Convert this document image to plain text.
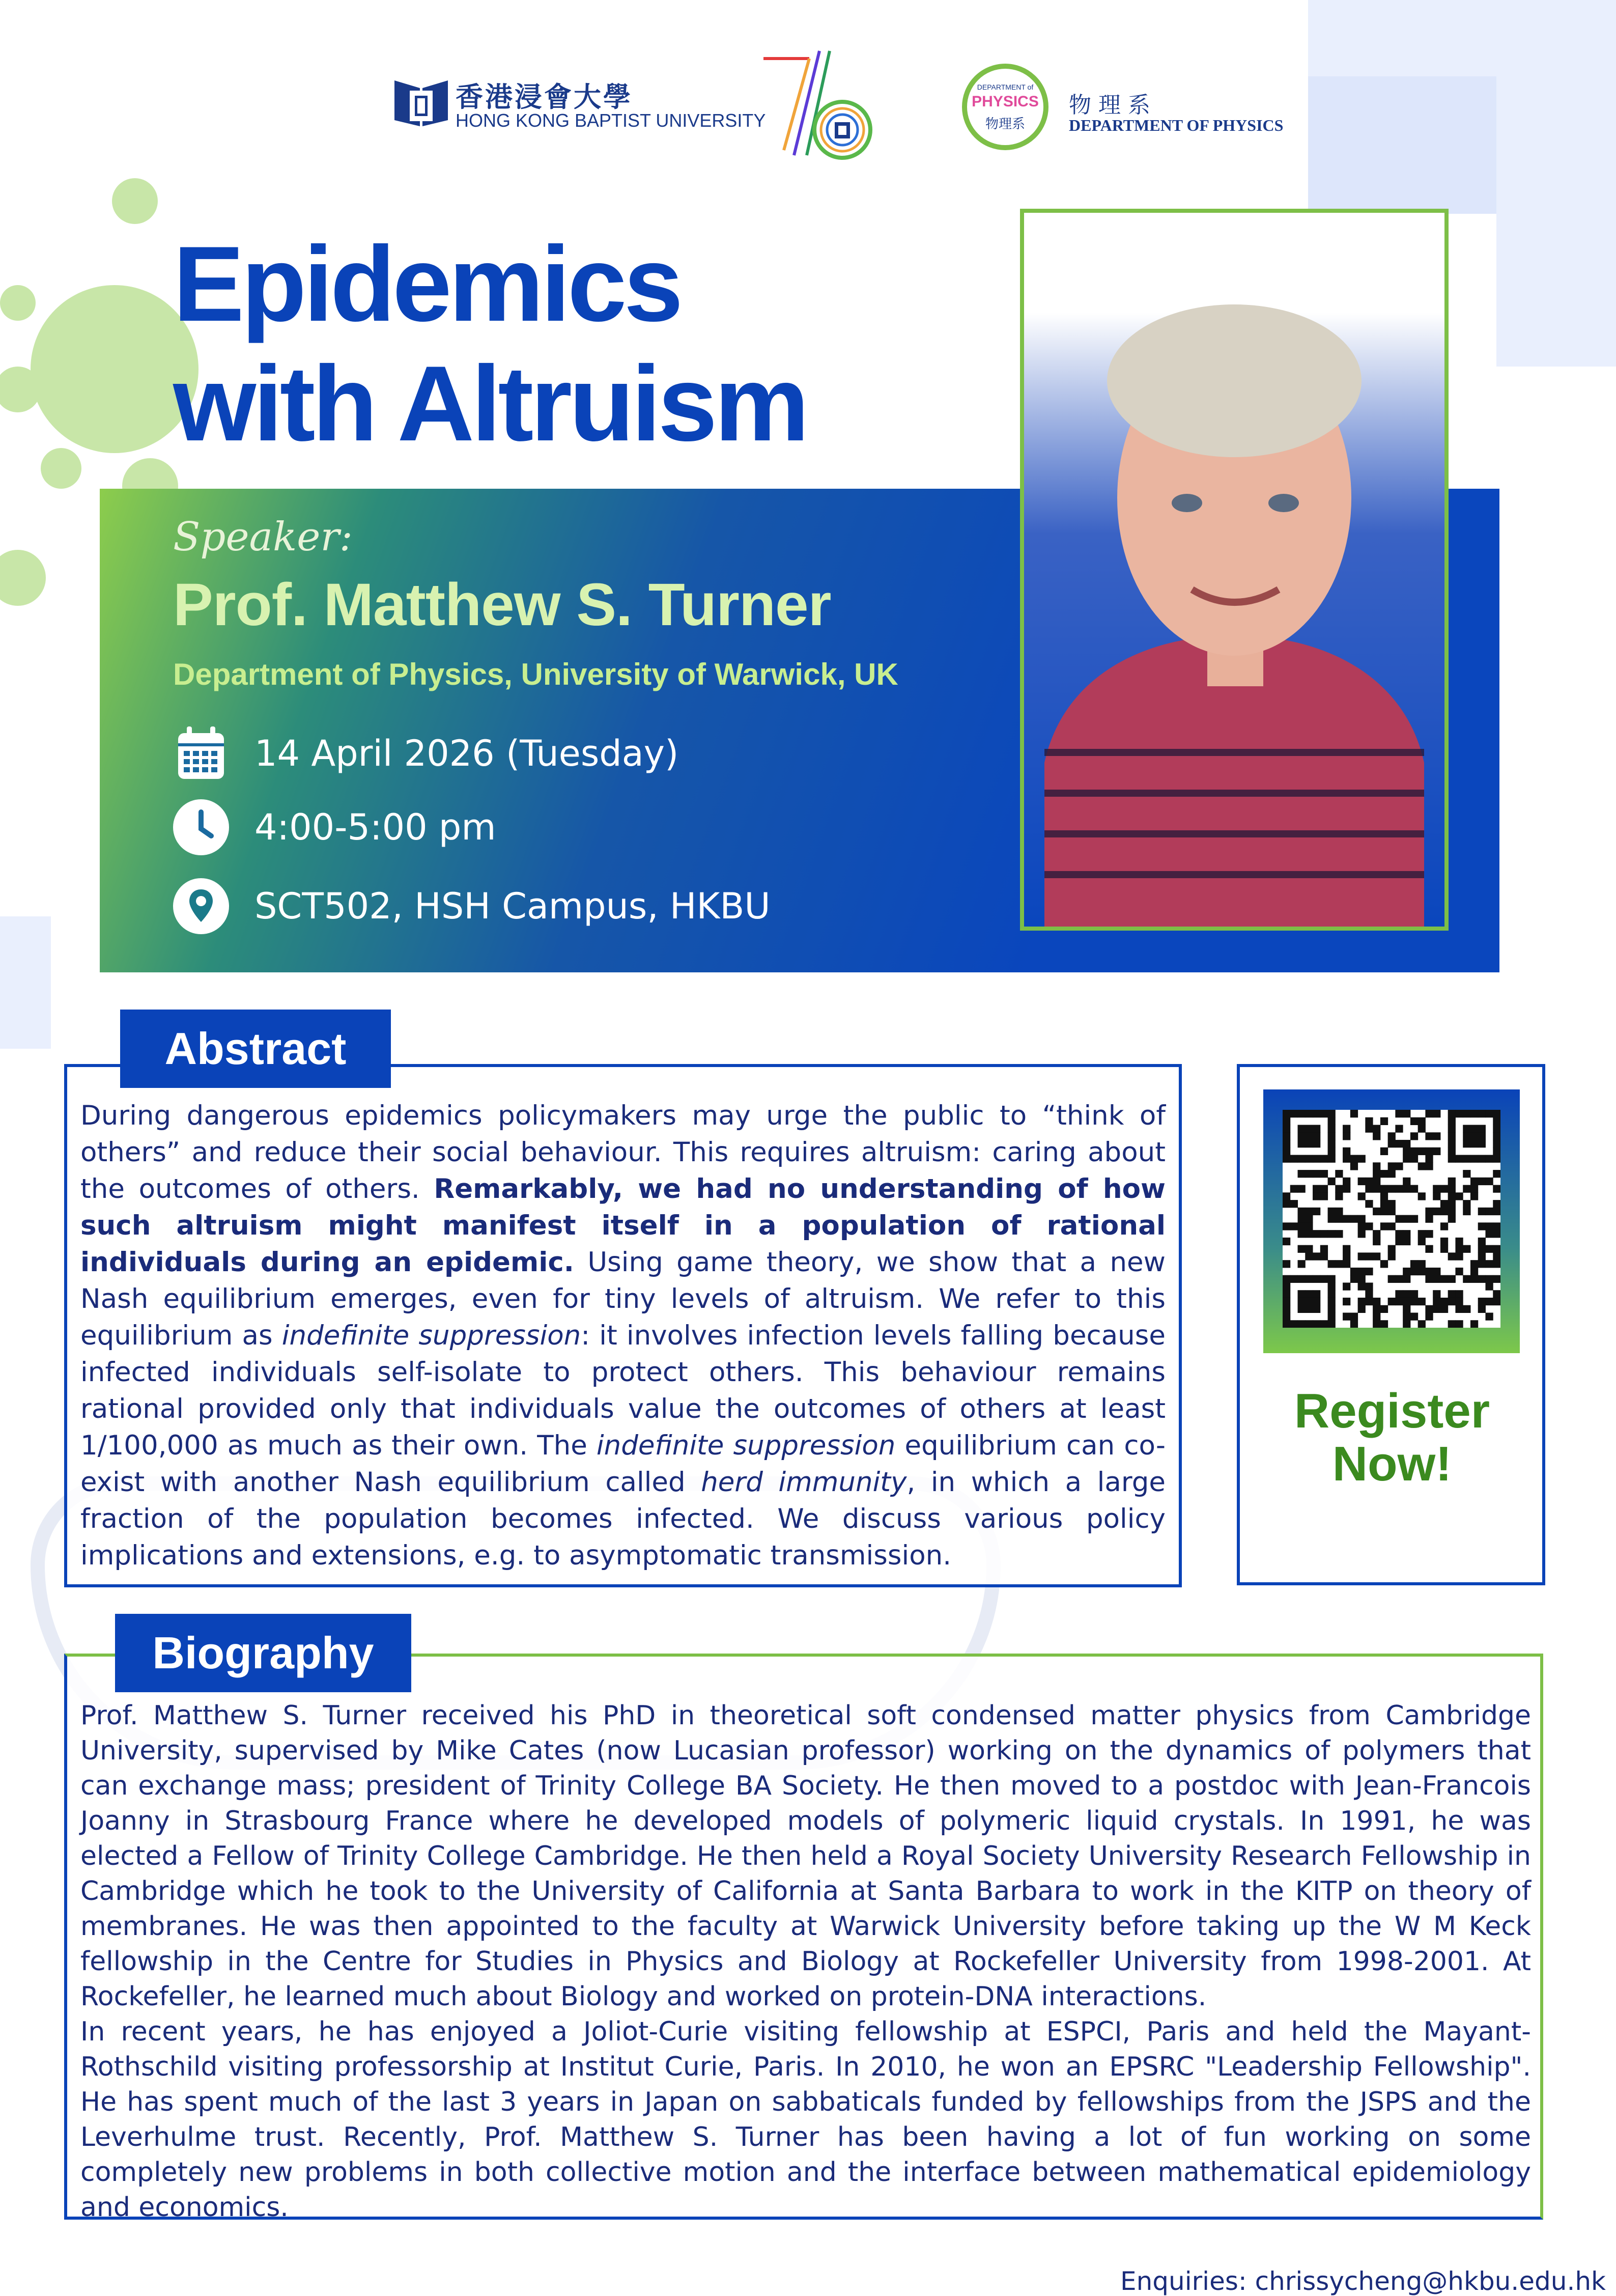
香港浸會大學
HONG KONG BAPTIST UNIVERSITY
DEPARTMENT of
PHYSICS
物理系
物 理 系
DEPARTMENT OF PHYSICS
Epidemics
with Altruism
Speaker:
Prof. Matthew S. Turner
Department of Physics, University of Warwick, UK
14 April 2026 (Tuesday)
4:00-5:00 pm
SCT502, HSH Campus, HKBU
Abstract
During dangerous epidemics policymakers may urge the public to “think of others” and reduce their social behaviour. This requires altruism: caring about the outcomes of others. Remarkably, we had no understanding of how such altruism might manifest itself in a population of rational individuals during an epidemic. Using game theory, we show that a new Nash equilibrium emerges, even for tiny levels of altruism. We refer to this equilibrium as indefinite suppression: it involves infection levels falling because infected individuals self-isolate to protect others. This behaviour remains rational provided only that individuals value the outcomes of others at least 1/100,000 as much as their own. The indefinite suppression equilibrium can co-exist with another Nash equilibrium called herd immunity, in which a large fraction of the population becomes infected. We discuss various policy implications and extensions, e.g. to asymptomatic transmission.
Register
Now!
Biography
Prof. Matthew S. Turner received his PhD in theoretical soft condensed matter physics from Cambridge University, supervised by Mike Cates (now Lucasian professor) working on the dynamics of polymers that can exchange mass; president of Trinity College BA Society. He then moved to a postdoc with Jean-Francois Joanny in Strasbourg France where he developed models of polymeric liquid crystals. In 1991, he was elected a Fellow of Trinity College Cambridge. He then held a Royal Society University Research Fellowship in Cambridge which he took to the University of California at Santa Barbara to work in the KITP on theory of membranes. He was then appointed to the faculty at Warwick University before taking up the W M Keck fellowship in the Centre for Studies in Physics and Biology at Rockefeller University from 1998-2001. At Rockefeller, he learned much about Biology and worked on protein-DNA interactions.
In recent years, he has enjoyed a Joliot-Curie visiting fellowship at ESPCI, Paris and held the Mayant-Rothschild visiting professorship at Institut Curie, Paris. In 2010, he won an EPSRC "Leadership Fellowship". He has spent much of the last 3 years in Japan on sabbaticals funded by fellowships from the JSPS and the Leverhulme trust. Recently, Prof. Matthew S. Turner has been having a lot of fun working on some completely new problems in both collective motion and the interface between mathematical epidemiology and economics.
Enquiries: chrissycheng@hkbu.edu.hk
